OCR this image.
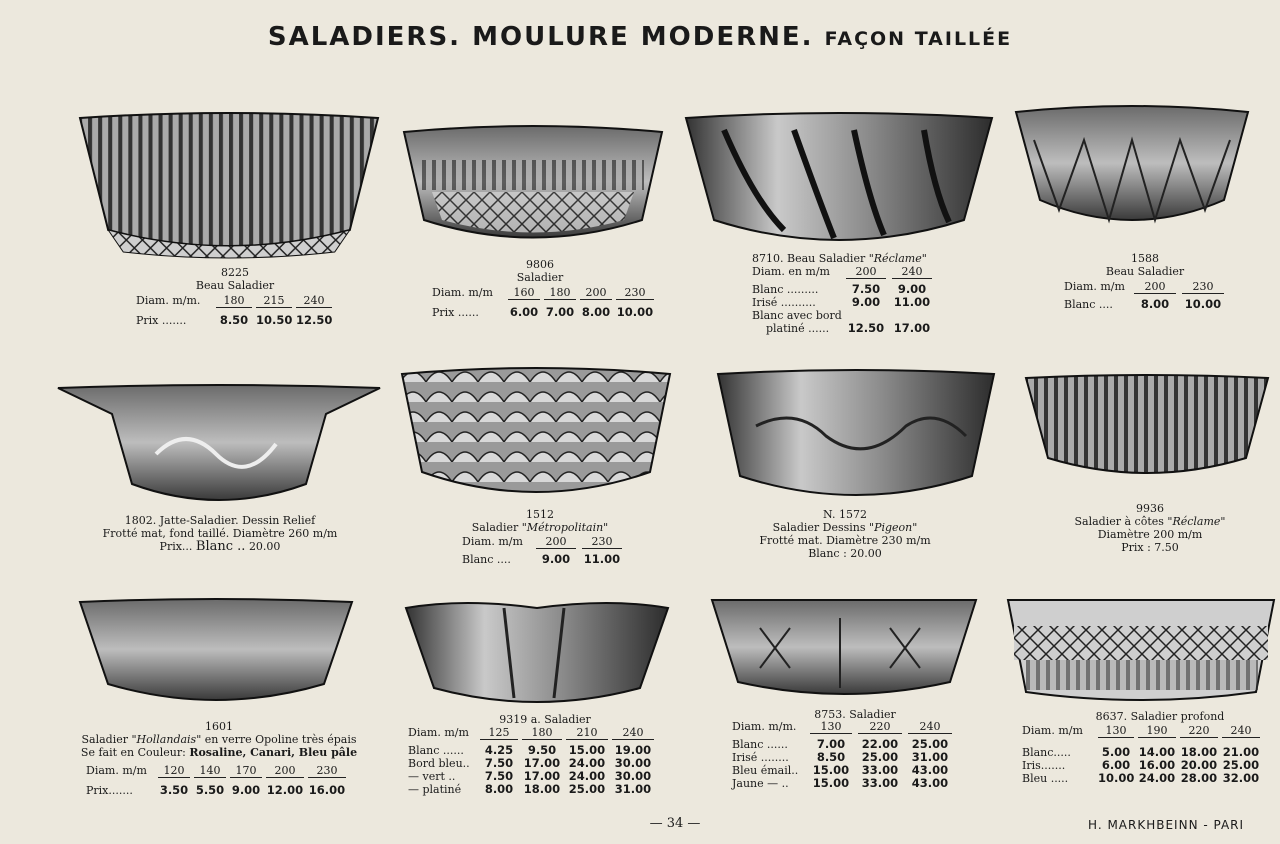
SALADIERS. MOULURE MODERNE. FAÇON TAILLÉE
8225
Beau Saladier
Diam. m/m.	180	215	240
Prix .......	8.50 10.50 12.50
9806
Saladier
Diam. m/m	160	180	200	230
Prix ......	6.00 7.00 8.00 10.00
8710. Beau Saladier "Réclame"
Diam. en m/m	200	240
Blanc .........	7.50	9.00
Irisé ..........	9.00	11.00
Blanc avec bord
platiné ......	12.50 17.00
1588
Beau Saladier
Diam. m/m	200	230
Blanc ....	8.00	10.00
1802. Jatte-Saladier. Dessin Relief
Frotté mat, fond taillé. Diamètre 260 m/m
Prix... Blanc .. 20.00
1512
Saladier "Métropolitain"
Diam. m/m	200	230
Blanc ....	9.00	11.00
N. 1572
Saladier Dessins "Pigeon"
Frotté mat. Diamètre 230 m/m
Blanc : 20.00
9936
Saladier à côtes "Réclame"
Diamètre 200 m/m
Prix : 7.50
1601
Saladier "Hollandais" en verre Opoline très épais
Se fait en Couleur: Rosaline, Canari, Bleu pâle
Diam. m/m	120	140	170	200	230
Prix.......	3.50 5.50 9.00 12.00 16.00
9319 a. Saladier
Diam. m/m	125	180	210	240
Blanc ......	4.25	9.50	15.00 19.00
Bord bleu..	7.50 17.00 24.00 30.00
— vert ..	7.50 17.00 24.00 30.00
— platiné	8.00 18.00 25.00 31.00
8753. Saladier
Diam. m/m.	130	220	240
Blanc ......	7.00	22.00	25.00
Irisé ........	8.50	25.00	31.00
Bleu émail..	15.00	33.00	43.00
Jaune — ..	15.00	33.00	43.00
8637. Saladier profond
Diam. m/m	130	190	220	240
Blanc.....	5.00 14.00 18.00 21.00
Iris.......	6.00 16.00 20.00 25.00
Bleu .....	10.00 24.00 28.00 32.00
— 34 —	H. MARKHBEINN - PARI
